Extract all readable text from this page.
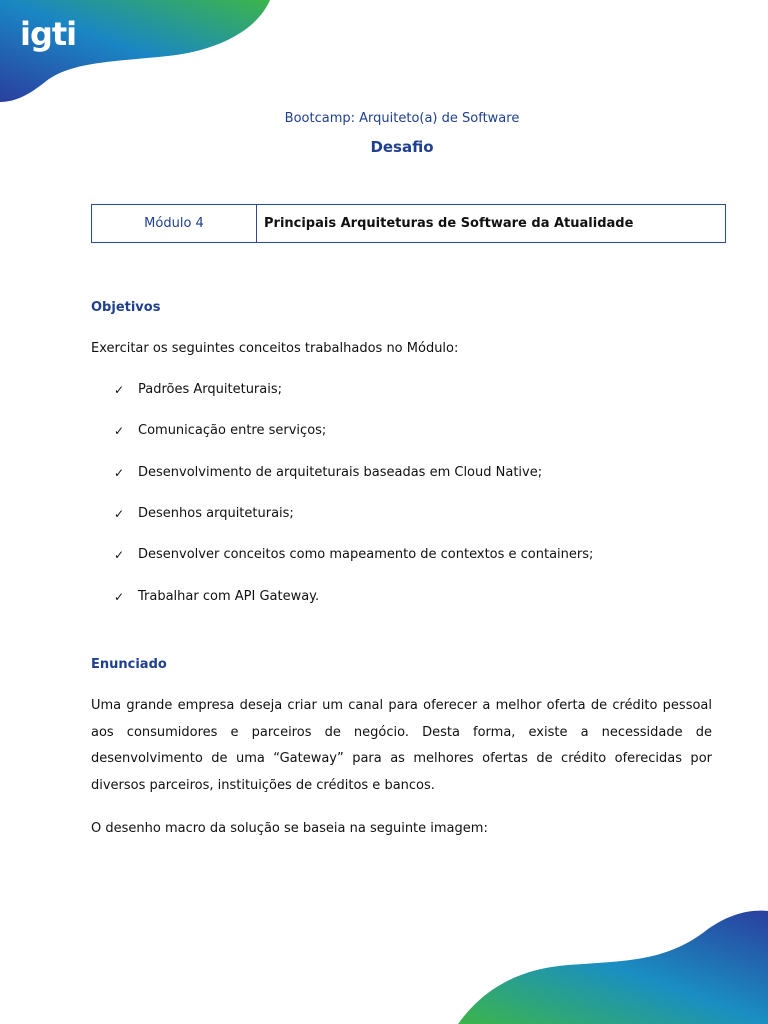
igti
Bootcamp: Arquiteto(a) de Software
Desafio
Módulo 4	Principais Arquiteturas de Software da Atualidade
Objetivos
Exercitar os seguintes conceitos trabalhados no Módulo:
✓	Padrões Arquiteturais;
✓	Comunicação entre serviços;
✓	Desenvolvimento de arquiteturais baseadas em Cloud Native;
✓	Desenhos arquiteturais;
✓	Desenvolver conceitos como mapeamento de contextos e containers;
✓	Trabalhar com API Gateway.
Enunciado
Uma grande empresa deseja criar um canal para oferecer a melhor oferta de crédito pessoal aos consumidores e parceiros de negócio. Desta forma, existe a necessidade de desenvolvimento de uma “Gateway” para as melhores ofertas de crédito oferecidas por diversos parceiros, instituições de créditos e bancos.
O desenho macro da solução se baseia na seguinte imagem:
